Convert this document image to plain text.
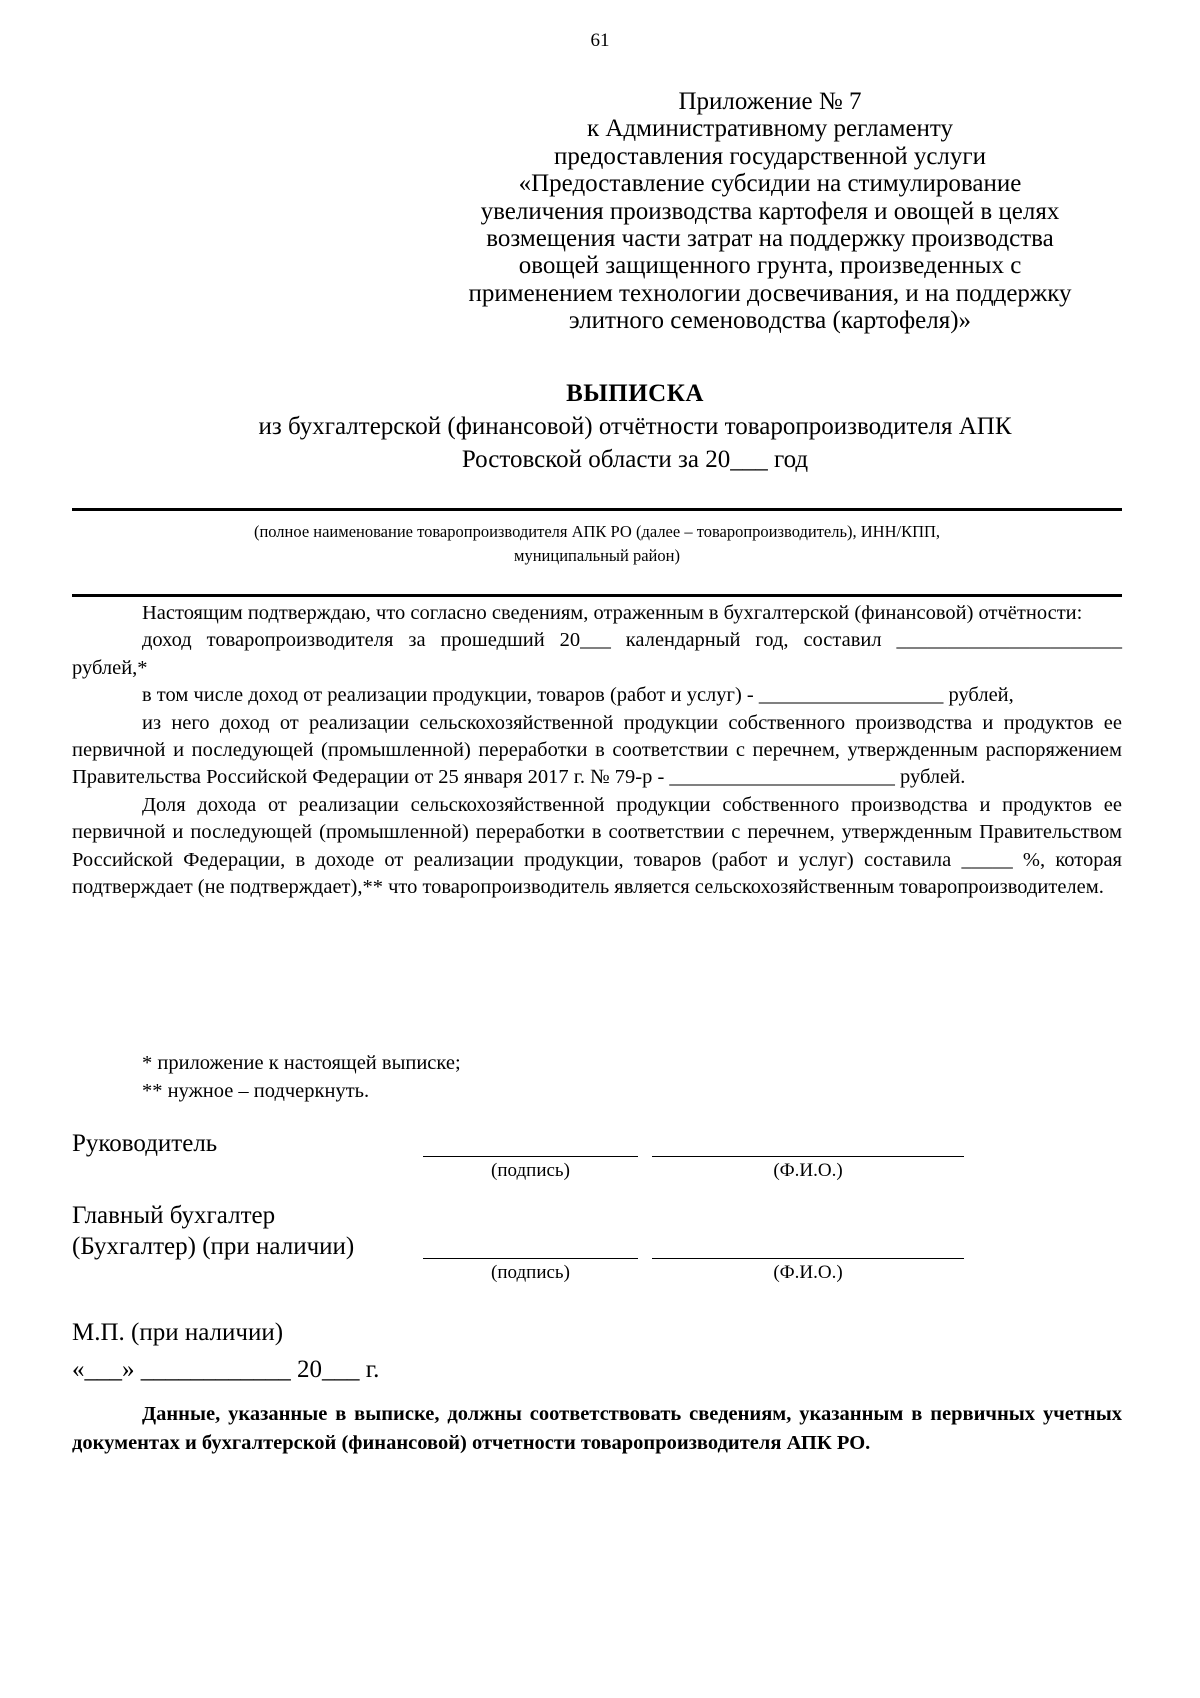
61
Приложение № 7
к Административному регламенту
предоставления государственной услуги
«Предоставление субсидии на стимулирование
увеличения производства картофеля и овощей в целях
возмещения части затрат на поддержку производства
овощей защищенного грунта, произведенных с
применением технологии досвечивания, и на поддержку
элитного семеноводства (картофеля)»
ВЫПИСКА
из бухгалтерской (финансовой) отчётности товаропроизводителя АПК
Ростовской области за 20___ год
(полное наименование товаропроизводителя АПК РО (далее – товаропроизводитель), ИНН/КПП,
муниципальный район)

Настоящим подтверждаю, что согласно сведениям, отраженным в бухгалтерской (финансовой) отчётности:

доход товаропроизводителя за прошедший 20___ календарный год, составил ______________________ рублей,*

в том числе доход от реализации продукции, товаров (работ и услуг) - __________________ рублей,

из него доход от реализации сельскохозяйственной продукции собственного производства и продуктов ее первичной и последующей (промышленной) переработки в соответствии с перечнем, утвержденным распоряжением Правительства Российской Федерации от 25 января 2017 г. № 79-р - ______________________ рублей.

Доля дохода от реализации сельскохозяйственной продукции собственного производства и продуктов ее первичной и последующей (промышленной) переработки в соответствии с перечнем, утвержденным Правительством Российской Федерации, в доходе от реализации продукции, товаров (работ и услуг) составила _____ %, которая подтверждает (не подтверждает),** что товаропроизводитель является сельскохозяйственным товаропроизводителем.

* приложение к настоящей выписке;
** нужное – подчеркнуть.
Руководитель
(подпись)	(Ф.И.О.)
Главный бухгалтер
(Бухгалтер) (при наличии)
(подпись)	(Ф.И.О.)
М.П. (при наличии)
«___» ____________ 20___ г.

Данные, указанные в выписке, должны соответствовать сведениям, указанным в первичных учетных документах и бухгалтерской (финансовой) отчетности товаропроизводителя АПК РО.
